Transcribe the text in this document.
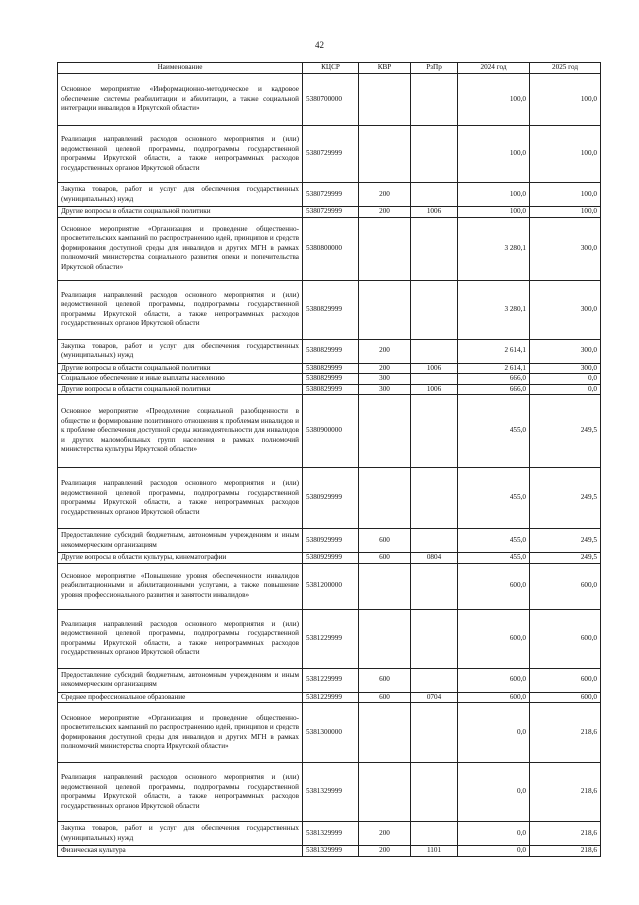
42
Наименование	КЦСР	КВР	РзПр	2024 год	2025 год
Основное мероприятие «Информационно-методическое и кадровое обеспечение системы реабилитации и абилитации, а также социальной интеграции инвалидов в Иркутской области»	5380700000			100,0	100,0
Реализация направлений расходов основного мероприятия и (или) ведомственной целевой программы, подпрограммы государственной программы Иркутской области, а также непрограммных расходов государственных органов Иркутской области	5380729999			100,0	100,0
Закупка товаров, работ и услуг для обеспечения государственных (муниципальных) нужд	5380729999	200		100,0	100,0
Другие вопросы в области социальной политики	5380729999	200	1006	100,0	100,0
Основное мероприятие «Организация и проведение общественно-просветительских кампаний по распространению идей, принципов и средств формирования доступной среды для инвалидов и других МГН в рамках полномочий министерства социального развития опеки и попечительства Иркутской области»	5380800000			3 280,1	300,0
Реализация направлений расходов основного мероприятия и (или) ведомственной целевой программы, подпрограммы государственной программы Иркутской области, а также непрограммных расходов государственных органов Иркутской области	5380829999			3 280,1	300,0
Закупка товаров, работ и услуг для обеспечения государственных (муниципальных) нужд	5380829999	200		2 614,1	300,0
Другие вопросы в области социальной политики	5380829999	200	1006	2 614,1	300,0
Социальное обеспечение и иные выплаты населению	5380829999	300		666,0	0,0
Другие вопросы в области социальной политики	5380829999	300	1006	666,0	0,0
Основное мероприятие «Преодоление социальной разобщенности в обществе и формирование позитивного отношения к проблемам инвалидов и к проблеме обеспечения доступной среды жизнедеятельности для инвалидов и других маломобильных групп населения в рамках полномочий министерства культуры Иркутской области»	5380900000			455,0	249,5
Реализация направлений расходов основного мероприятия и (или) ведомственной целевой программы, подпрограммы государственной программы Иркутской области, а также непрограммных расходов государственных органов Иркутской области	5380929999			455,0	249,5
Предоставление субсидий бюджетным, автономным учреждениям и иным некоммерческим организациям	5380929999	600		455,0	249,5
Другие вопросы в области культуры, кинематографии	5380929999	600	0804	455,0	249,5
Основное мероприятие «Повышение уровня обеспеченности инвалидов реабилитационными и абилитационными услугами, а также повышение уровня профессионального развития и занятости инвалидов»	5381200000			600,0	600,0
Реализация направлений расходов основного мероприятия и (или) ведомственной целевой программы, подпрограммы государственной программы Иркутской области, а также непрограммных расходов государственных органов Иркутской области	5381229999			600,0	600,0
Предоставление субсидий бюджетным, автономным учреждениям и иным некоммерческим организациям	5381229999	600		600,0	600,0
Среднее профессиональное образование	5381229999	600	0704	600,0	600,0
Основное мероприятие «Организация и проведение общественно-просветительских кампаний по распространению идей, принципов и средств формирования доступной среды для инвалидов и других МГН в рамках полномочий министерства спорта Иркутской области»	5381300000			0,0	218,6
Реализация направлений расходов основного мероприятия и (или) ведомственной целевой программы, подпрограммы государственной программы Иркутской области, а также непрограммных расходов государственных органов Иркутской области	5381329999			0,0	218,6
Закупка товаров, работ и услуг для обеспечения государственных (муниципальных) нужд	5381329999	200		0,0	218,6
Физическая культура	5381329999	200	1101	0,0	218,6
